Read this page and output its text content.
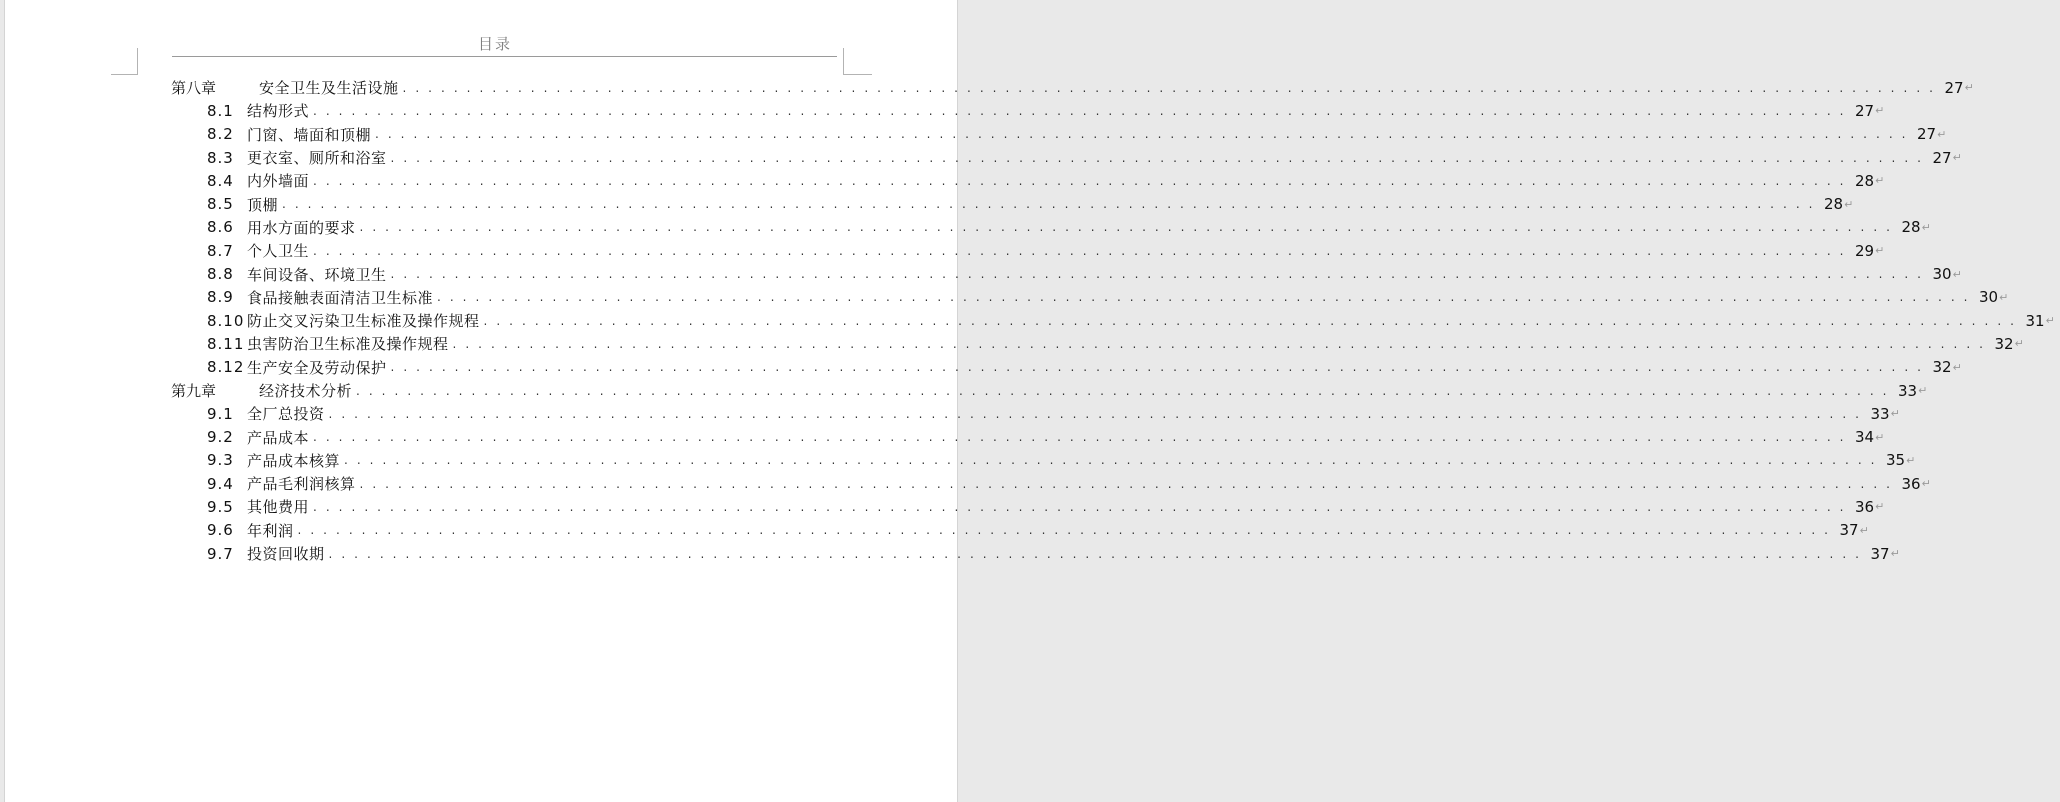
目录
第八章	安全卫生及生活设施 . . . . . . . . . . . . . . . . . . . . . . . . . . . . . . . . . . . . . . . . . . . . . . . . . . . . . . . . . . . . . . . . . . . . . . . . . . . . . . . . . . . . . . . . . . . . . . . . . . . . . . . . . . . . . . . . . . . . . . . . 27 ↵
8.1 结构形式 . . . . . . . . . . . . . . . . . . . . . . . . . . . . . . . . . . . . . . . . . . . . . . . . . . . . . . . . . . . . . . . . . . . . . . . . . . . . . . . . . . . . . . . . . . . . . . . . . . . . . . . . . . . . . . . . . . . . . . . . 27 ↵
8.2 门窗、墙面和顶棚 . . . . . . . . . . . . . . . . . . . . . . . . . . . . . . . . . . . . . . . . . . . . . . . . . . . . . . . . . . . . . . . . . . . . . . . . . . . . . . . . . . . . . . . . . . . . . . . . . . . . . . . . . . . . . . . . . . . . . . . . 27 ↵
8.3 更衣室、厕所和浴室 . . . . . . . . . . . . . . . . . . . . . . . . . . . . . . . . . . . . . . . . . . . . . . . . . . . . . . . . . . . . . . . . . . . . . . . . . . . . . . . . . . . . . . . . . . . . . . . . . . . . . . . . . . . . . . . . . . . . . . . . 27 ↵
8.4 内外墙面 . . . . . . . . . . . . . . . . . . . . . . . . . . . . . . . . . . . . . . . . . . . . . . . . . . . . . . . . . . . . . . . . . . . . . . . . . . . . . . . . . . . . . . . . . . . . . . . . . . . . . . . . . . . . . . . . . . . . . . . . 28 ↵
8.5 顶棚 . . . . . . . . . . . . . . . . . . . . . . . . . . . . . . . . . . . . . . . . . . . . . . . . . . . . . . . . . . . . . . . . . . . . . . . . . . . . . . . . . . . . . . . . . . . . . . . . . . . . . . . . . . . . . . . . . . . . . . . . 28 ↵
8.6 用水方面的要求 . . . . . . . . . . . . . . . . . . . . . . . . . . . . . . . . . . . . . . . . . . . . . . . . . . . . . . . . . . . . . . . . . . . . . . . . . . . . . . . . . . . . . . . . . . . . . . . . . . . . . . . . . . . . . . . . . . . . . . . . 28 ↵
8.7 个人卫生 . . . . . . . . . . . . . . . . . . . . . . . . . . . . . . . . . . . . . . . . . . . . . . . . . . . . . . . . . . . . . . . . . . . . . . . . . . . . . . . . . . . . . . . . . . . . . . . . . . . . . . . . . . . . . . . . . . . . . . . . 29 ↵
8.8 车间设备、环境卫生 . . . . . . . . . . . . . . . . . . . . . . . . . . . . . . . . . . . . . . . . . . . . . . . . . . . . . . . . . . . . . . . . . . . . . . . . . . . . . . . . . . . . . . . . . . . . . . . . . . . . . . . . . . . . . . . . . . . . . . . . 30 ↵
8.9 食品接触表面清洁卫生标准 . . . . . . . . . . . . . . . . . . . . . . . . . . . . . . . . . . . . . . . . . . . . . . . . . . . . . . . . . . . . . . . . . . . . . . . . . . . . . . . . . . . . . . . . . . . . . . . . . . . . . . . . . . . . . . . . . . . . . . . . 30 ↵
8.10 防止交叉污染卫生标准及操作规程 . . . . . . . . . . . . . . . . . . . . . . . . . . . . . . . . . . . . . . . . . . . . . . . . . . . . . . . . . . . . . . . . . . . . . . . . . . . . . . . . . . . . . . . . . . . . . . . . . . . . . . . . . . . . . . . . . . . . . . . . 31 ↵
8.11 虫害防治卫生标准及操作规程 . . . . . . . . . . . . . . . . . . . . . . . . . . . . . . . . . . . . . . . . . . . . . . . . . . . . . . . . . . . . . . . . . . . . . . . . . . . . . . . . . . . . . . . . . . . . . . . . . . . . . . . . . . . . . . . . . . . . . . . . 32 ↵
8.12 生产安全及劳动保护 . . . . . . . . . . . . . . . . . . . . . . . . . . . . . . . . . . . . . . . . . . . . . . . . . . . . . . . . . . . . . . . . . . . . . . . . . . . . . . . . . . . . . . . . . . . . . . . . . . . . . . . . . . . . . . . . . . . . . . . . 32 ↵
第九章	经济技术分析 . . . . . . . . . . . . . . . . . . . . . . . . . . . . . . . . . . . . . . . . . . . . . . . . . . . . . . . . . . . . . . . . . . . . . . . . . . . . . . . . . . . . . . . . . . . . . . . . . . . . . . . . . . . . . . . . . . . . . . . . 33 ↵
9.1 全厂总投资 . . . . . . . . . . . . . . . . . . . . . . . . . . . . . . . . . . . . . . . . . . . . . . . . . . . . . . . . . . . . . . . . . . . . . . . . . . . . . . . . . . . . . . . . . . . . . . . . . . . . . . . . . . . . . . . . . . . . . . . . 33 ↵
9.2 产品成本 . . . . . . . . . . . . . . . . . . . . . . . . . . . . . . . . . . . . . . . . . . . . . . . . . . . . . . . . . . . . . . . . . . . . . . . . . . . . . . . . . . . . . . . . . . . . . . . . . . . . . . . . . . . . . . . . . . . . . . . . 34 ↵
9.3 产品成本核算 . . . . . . . . . . . . . . . . . . . . . . . . . . . . . . . . . . . . . . . . . . . . . . . . . . . . . . . . . . . . . . . . . . . . . . . . . . . . . . . . . . . . . . . . . . . . . . . . . . . . . . . . . . . . . . . . . . . . . . . . 35 ↵
9.4 产品毛利润核算 . . . . . . . . . . . . . . . . . . . . . . . . . . . . . . . . . . . . . . . . . . . . . . . . . . . . . . . . . . . . . . . . . . . . . . . . . . . . . . . . . . . . . . . . . . . . . . . . . . . . . . . . . . . . . . . . . . . . . . . . 36 ↵
9.5 其他费用 . . . . . . . . . . . . . . . . . . . . . . . . . . . . . . . . . . . . . . . . . . . . . . . . . . . . . . . . . . . . . . . . . . . . . . . . . . . . . . . . . . . . . . . . . . . . . . . . . . . . . . . . . . . . . . . . . . . . . . . . 36 ↵
9.6 年利润 . . . . . . . . . . . . . . . . . . . . . . . . . . . . . . . . . . . . . . . . . . . . . . . . . . . . . . . . . . . . . . . . . . . . . . . . . . . . . . . . . . . . . . . . . . . . . . . . . . . . . . . . . . . . . . . . . . . . . . . . 37 ↵
9.7 投资回收期 . . . . . . . . . . . . . . . . . . . . . . . . . . . . . . . . . . . . . . . . . . . . . . . . . . . . . . . . . . . . . . . . . . . . . . . . . . . . . . . . . . . . . . . . . . . . . . . . . . . . . . . . . . . . . . . . . . . . . . . . 37 ↵
